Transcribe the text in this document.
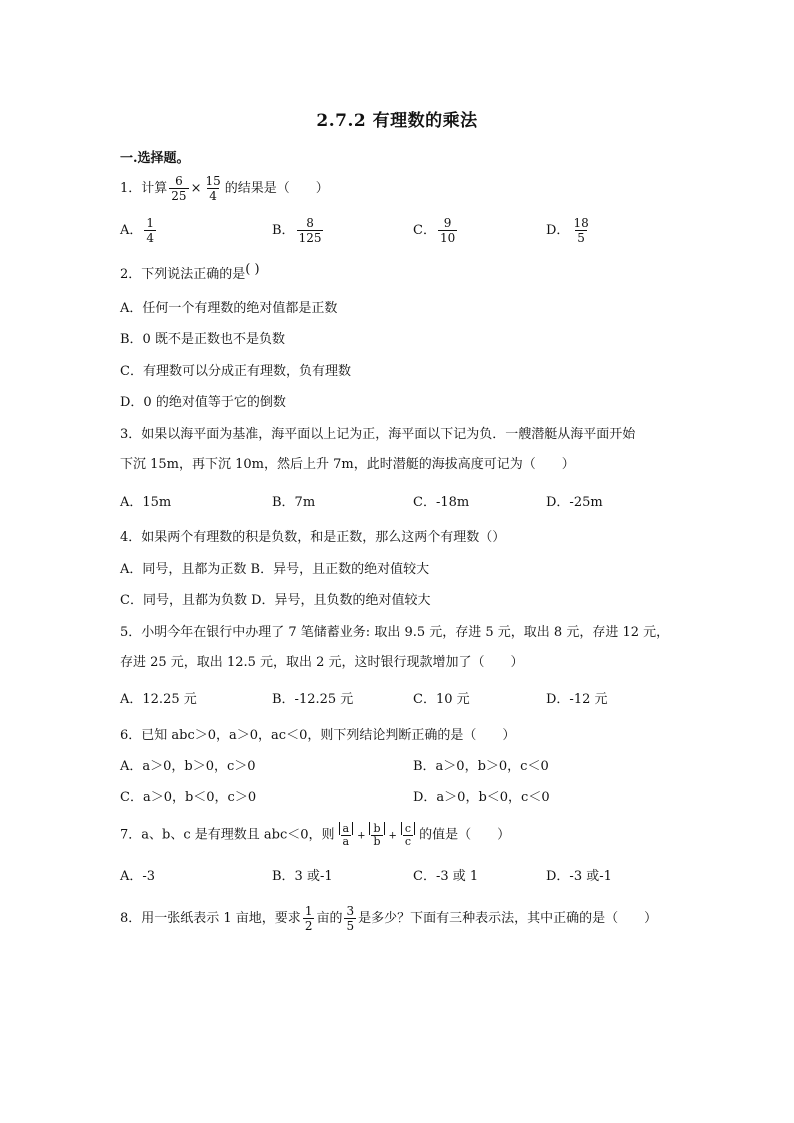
2.7.2 有理数的乘法
一.选择题。
1．计算 $\frac{6}{25} \times \frac{15}{4}$ 的结果是（　　）
A． $\frac{1}{4}$	B． $\frac{8}{125}$	C． $\frac{9}{10}$	D． $\frac{18}{5}$
2．下列说法正确的是( )
A．任何一个有理数的绝对值都是正数
B．0 既不是正数也不是负数
C．有理数可以分成正有理数，负有理数
D．0 的绝对值等于它的倒数
3．如果以海平面为基准，海平面以上记为正，海平面以下记为负．一艘潜艇从海平面开始
下沉 15m，再下沉 10m，然后上升 7m，此时潜艇的海拔高度可记为（　　）
A．15m	B．7m	C．-18m	D．-25m
4．如果两个有理数的积是负数，和是正数，那么这两个有理数（）
A．同号，且都为正数 B．异号，且正数的绝对值较大
C．同号，且都为负数 D．异号，且负数的绝对值较大
5．小明今年在银行中办理了 7 笔储蓄业务: 取出 9.5 元，存进 5 元，取出 8 元，存进 12 元，
存进 25 元，取出 12.5 元，取出 2 元，这时银行现款增加了（　　）
A．12.25 元	B．-12.25 元	C．10 元	D．-12 元
6．已知 abc＞0，a＞0，ac＜0，则下列结论判断正确的是（　　）
A．a＞0，b＞0，c＞0	B．a＞0，b＞0，c＜0
C．a＞0，b＜0，c＞0	D．a＞0，b＜0，c＜0
7．a、b、c 是有理数且 abc＜0，则 $\frac{a}{a} + \frac{b}{b} + \frac{c}{c}$ 的值是（　　）
A．-3	B．3 或-1	C．-3 或 1	D．-3 或-1
8．用一张纸表示 1 亩地，要求 $\frac{1}{2}$ 亩的 $\frac{3}{5}$ 是多少？下面有三种表示法，其中正确的是（　　）
